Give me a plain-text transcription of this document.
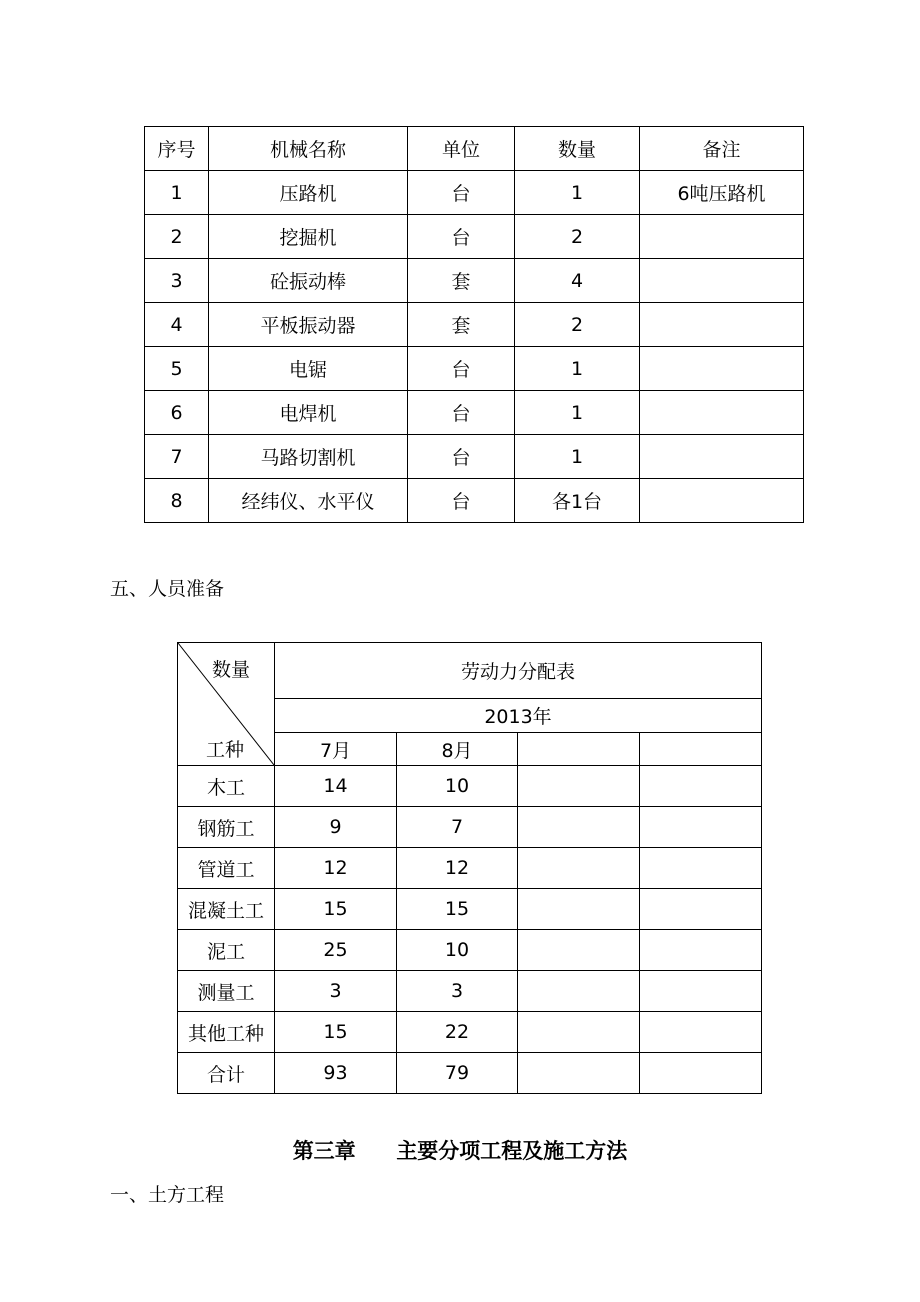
序号	机械名称	单位	数量	备注
1	压路机	台	1	6吨压路机
2	挖掘机	台	2	
3	砼振动棒	套	4	
4	平板振动器	套	2	
5	电锯	台	1	
6	电焊机	台	1	
7	马路切割机	台	1	
8	经纬仪、水平仪	台	各1台	
五、人员准备
数量
工种	劳动力分配表			
	2013年			
	7月	8月		
木工	14	10		
钢筋工	9	7		
管道工	12	12		
混凝土工	15	15		
泥工	25	10		
测量工	3	3		
其他工种	15	22		
合计	93	79		
第三章 主要分项工程及施工方法
一、土方工程
